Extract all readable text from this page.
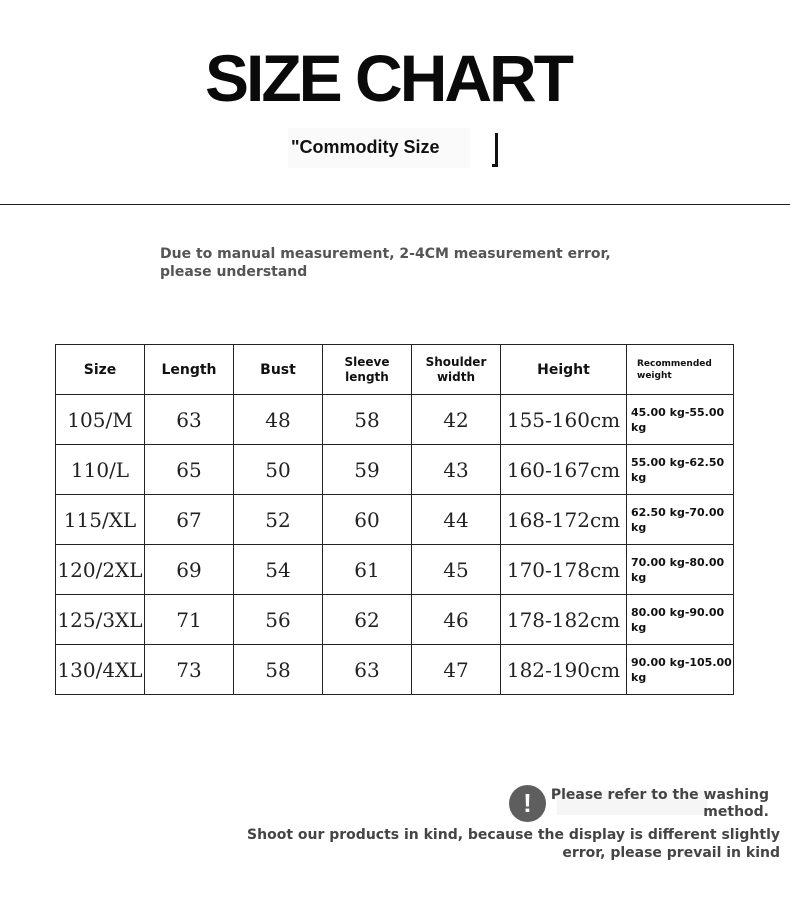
SIZE CHART
"Commodity Size
Due to manual measurement, 2-4CM measurement error, please understand
Size	Length	Bust	Sleeve length	Shoulder width	Height	Recommended weight
105/M	63	48	58	42	155-160cm	45.00 kg-55.00 kg
110/L	65	50	59	43	160-167cm	55.00 kg-62.50 kg
115/XL	67	52	60	44	168-172cm	62.50 kg-70.00 kg
120/2XL	69	54	61	45	170-178cm	70.00 kg-80.00 kg
125/3XL	71	56	62	46	178-182cm	80.00 kg-90.00 kg
130/4XL	73	58	63	47	182-190cm	90.00 kg-105.00 kg
!	Please refer to the washing method.
Shoot our products in kind, because the display is different slightly error, please prevail in kind
